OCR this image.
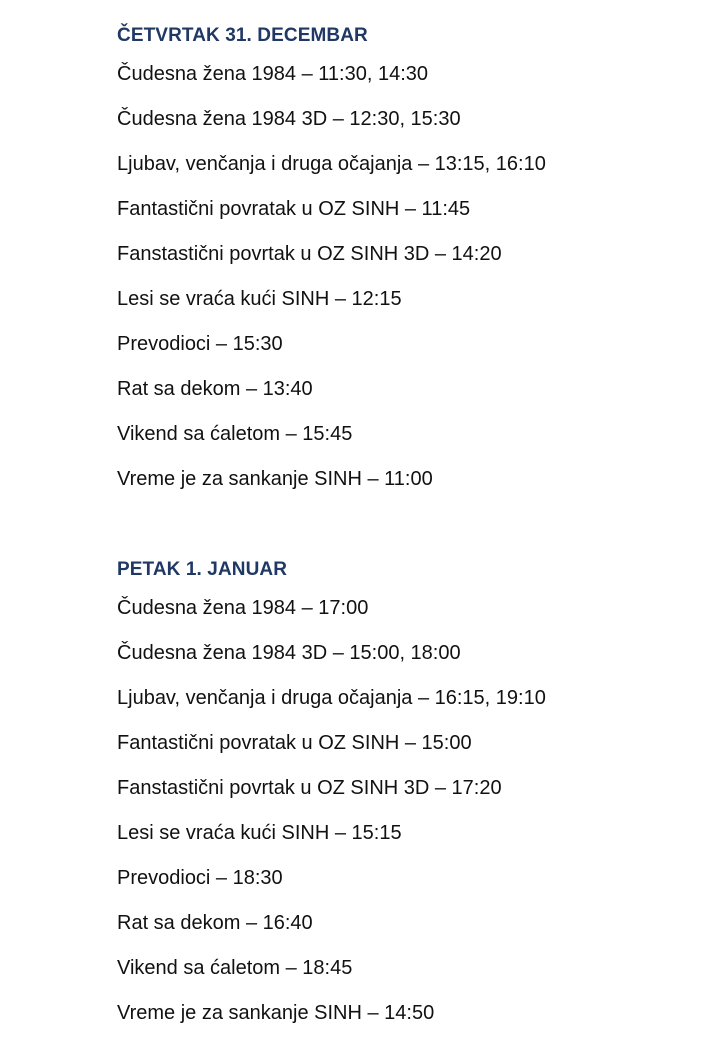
ČETVRTAK 31. DECEMBAR
Čudesna žena 1984 – 11:30, 14:30
Čudesna žena 1984 3D – 12:30, 15:30
Ljubav, venčanja i druga očajanja – 13:15, 16:10
Fantastični povratak u OZ SINH – 11:45
Fanstastični povrtak u OZ SINH 3D – 14:20
Lesi se vraća kući SINH – 12:15
Prevodioci – 15:30
Rat sa dekom – 13:40
Vikend sa ćaletom – 15:45
Vreme je za sankanje SINH – 11:00
PETAK 1. JANUAR
Čudesna žena 1984 – 17:00
Čudesna žena 1984 3D – 15:00, 18:00
Ljubav, venčanja i druga očajanja – 16:15, 19:10
Fantastični povratak u OZ SINH – 15:00
Fanstastični povrtak u OZ SINH 3D – 17:20
Lesi se vraća kući SINH – 15:15
Prevodioci – 18:30
Rat sa dekom – 16:40
Vikend sa ćaletom – 18:45
Vreme je za sankanje SINH – 14:50
